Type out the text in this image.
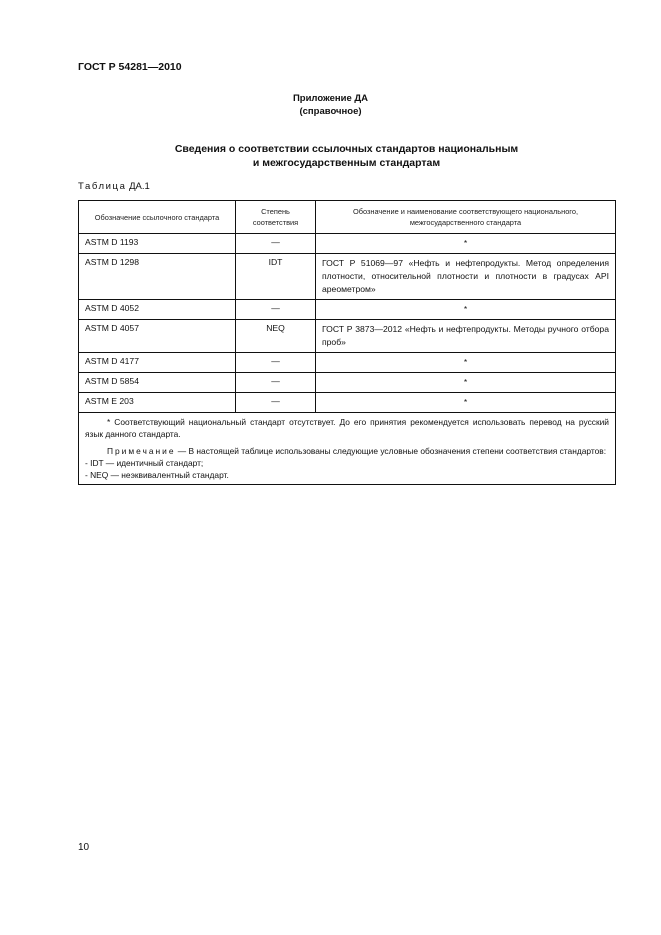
ГОСТ Р 54281—2010
Приложение ДА
(справочное)
Сведения о соответствии ссылочных стандартов национальным
и межгосударственным стандартам
Таблица ДА.1
Обозначение ссылочного стандарта	Степень соответствия	Обозначение и наименование соответствующего национального, межгосударственного стандарта
ASTM D 1193	—	*
ASTM D 1298	IDT	ГОСТ Р 51069—97 «Нефть и нефтепродукты. Метод определения плотности, относительной плотности и плотности в градусах API ареометром»
ASTM D 4052	—	*
ASTM D 4057	NEQ	ГОСТ Р 3873—2012 «Нефть и нефтепродукты. Методы ручного отбора проб»
ASTM D 4177	—	*
ASTM D 5854	—	*
ASTM E 203	—	*

* Соответствующий национальный стандарт отсутствует. До его принятия рекомендуется использовать перевод на русский язык данного стандарта.

Примечание — В настоящей таблице использованы следующие условные обозначения степени соответствия стандартов:

- IDT — идентичный стандарт;

- NEQ — неэквивалентный стандарт.		

10
